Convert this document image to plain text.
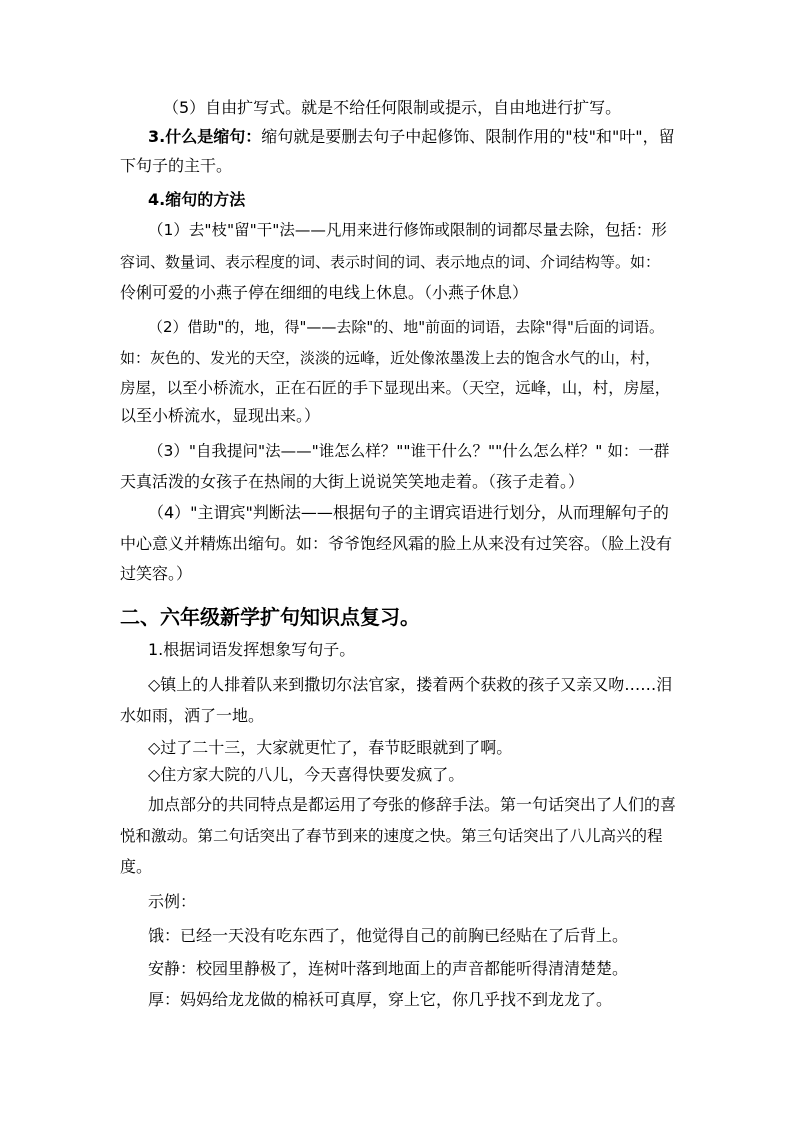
（5）自由扩写式。就是不给任何限制或提示，自由地进行扩写。
3.什么是缩句：缩句就是要删去句子中起修饰、限制作用的"枝"和"叶"，留
下句子的主干。
4.缩句的方法
（1）去"枝"留"干"法——凡用来进行修饰或限制的词都尽量去除，包括：形
容词、数量词、表示程度的词、表示时间的词、表示地点的词、介词结构等。如：
伶俐可爱的小燕子停在细细的电线上休息。（小燕子休息）
（2）借助"的，地，得"——去除"的、地"前面的词语，去除"得"后面的词语。
如：灰色的、发光的天空，淡淡的远峰，近处像浓墨泼上去的饱含水气的山，村，
房屋，以至小桥流水，正在石匠的手下显现出来。（天空，远峰，山，村，房屋，
以至小桥流水，显现出来。）
（3）"自我提问"法——"谁怎么样？""谁干什么？""什么怎么样？" 如：一群
天真活泼的女孩子在热闹的大街上说说笑笑地走着。（孩子走着。）
（4）"主谓宾"判断法——根据句子的主谓宾语进行划分，从而理解句子的
中心意义并精炼出缩句。如：爷爷饱经风霜的脸上从来没有过笑容。（脸上没有
过笑容。）
二、六年级新学扩句知识点复习。
1.根据词语发挥想象写句子。
◇镇上的人排着队来到撒切尔法官家，搂着两个获救的孩子又亲又吻……泪
水如雨，洒了一地。
◇过了二十三，大家就更忙了，春节眨眼就到了啊。
◇住方家大院的八儿，今天喜得快要发疯了。
加点部分的共同特点是都运用了夸张的修辞手法。第一句话突出了人们的喜
悦和激动。第二句话突出了春节到来的速度之快。第三句话突出了八儿高兴的程
度。
示例：
饿：已经一天没有吃东西了，他觉得自己的前胸已经贴在了后背上。
安静：校园里静极了，连树叶落到地面上的声音都能听得清清楚楚。
厚：妈妈给龙龙做的棉袄可真厚，穿上它，你几乎找不到龙龙了。
